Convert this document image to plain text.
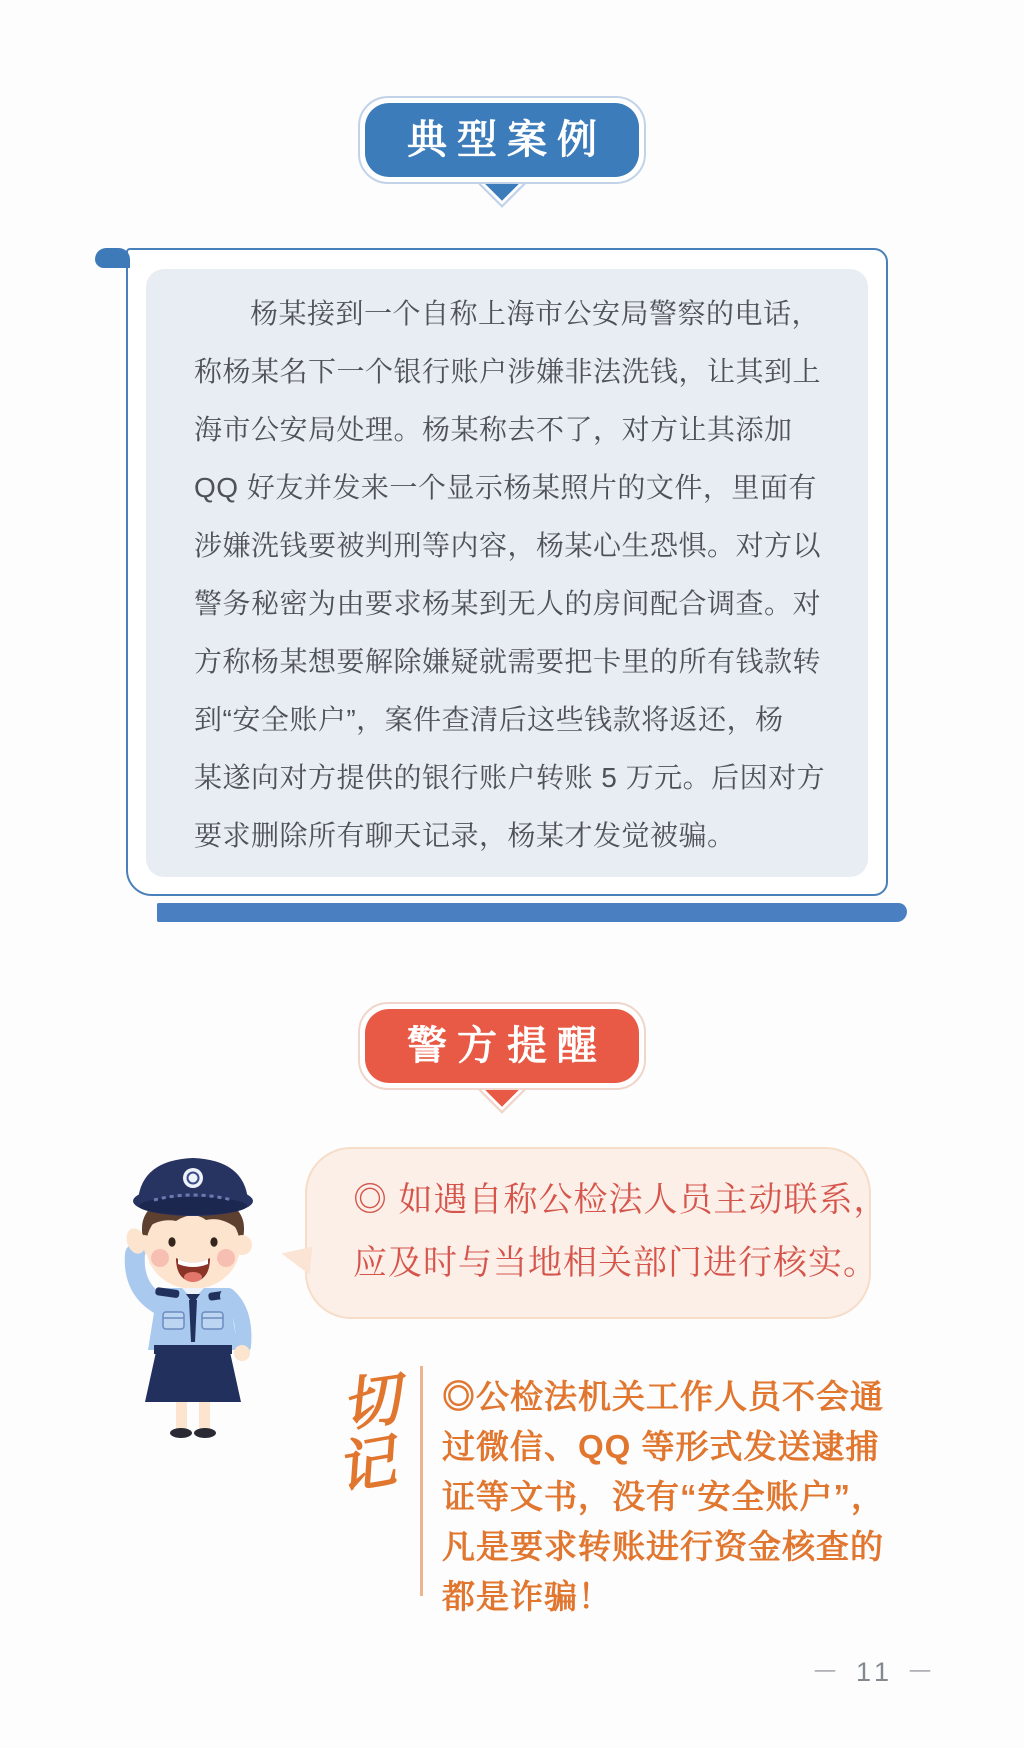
典型案例

杨某接到一个自称上海市公安局警察的电话，

称杨某名下一个银行账户涉嫌非法洗钱，让其到上

海市公安局处理。杨某称去不了，对方让其添加

QQ 好友并发来一个显示杨某照片的文件，里面有

涉嫌洗钱要被判刑等内容，杨某心生恐惧。对方以

警务秘密为由要求杨某到无人的房间配合调查。对

方称杨某想要解除嫌疑就需要把卡里的所有钱款转

到“安全账户”，案件查清后这些钱款将返还，杨

某遂向对方提供的银行账户转账 5 万元。后因对方

要求删除所有聊天记录，杨某才发觉被骗。

警方提醒

◎ 如遇自称公检法人员主动联系，

应及时与当地相关部门进行核实。

切
记

◎公检法机关工作人员不会通

过微信、QQ 等形式发送逮捕

证等文书，没有“安全账户”，

凡是要求转账进行资金核查的

都是诈骗！

－ 11 －
